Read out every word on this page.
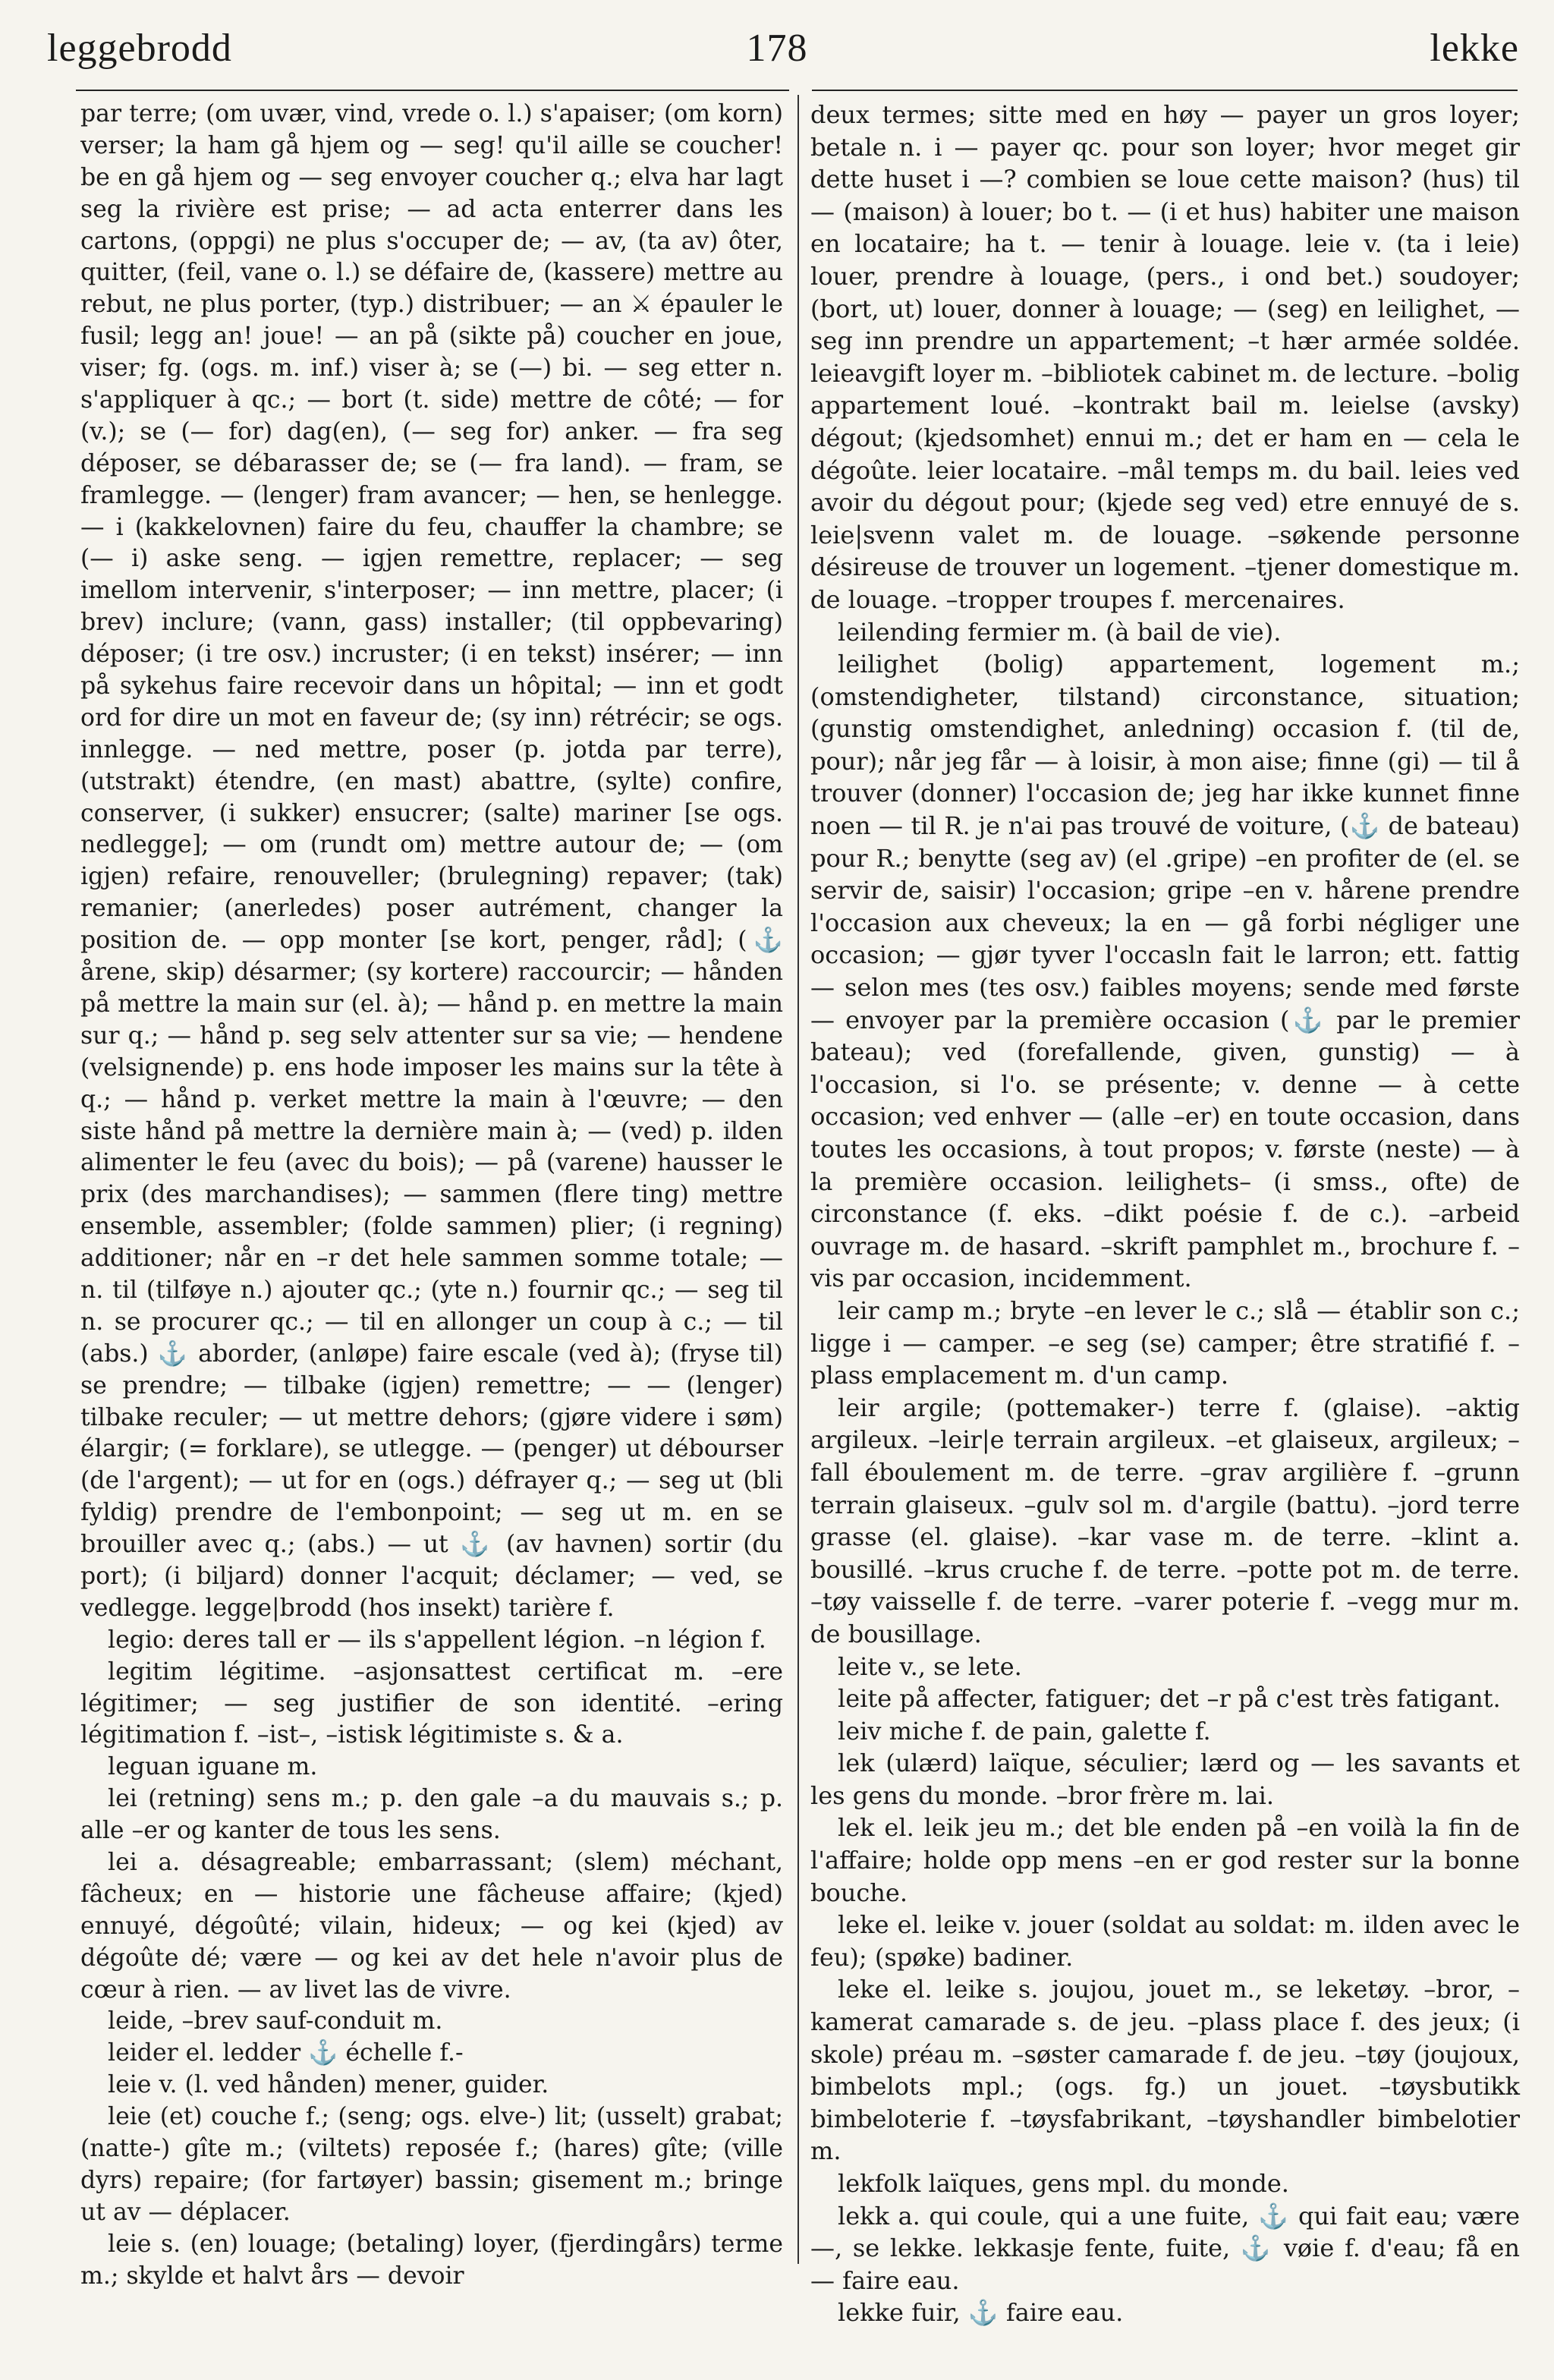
leggebrodd	178	lekke

par terre; (om uvær, vind, vrede o. l.) s'apaiser; (om korn) verser; la ham gå hjem og — seg! qu'il aille se coucher! be en gå hjem og — seg envoyer coucher q.; elva har lagt seg la rivière est prise; — ad acta enterrer dans les cartons, (oppgi) ne plus s'occuper de; — av, (ta av) ôter, quitter, (feil, vane o. l.) se défaire de, (kassere) mettre au rebut, ne plus porter, (typ.) distribuer; — an ⚔ épauler le fusil; legg an! joue! — an på (sikte på) coucher en joue, viser; fg. (ogs. m. inf.) viser à; se (—) bi. — seg etter n. s'appliquer à qc.; — bort (t. side) mettre de côté; — for (v.); se (— for) dag(en), (— seg for) anker. — fra seg déposer, se débarasser de; se (— fra land). — fram, se framlegge. — (lenger) fram avancer; — hen, se henlegge. — i (kakkelovnen) faire du feu, chauffer la chambre; se (— i) aske seng. — igjen remettre, replacer; — seg imellom intervenir, s'interposer; — inn mettre, placer; (i brev) inclure; (vann, gass) installer; (til oppbevaring) déposer; (i tre osv.) incruster; (i en tekst) insérer; — inn på sykehus faire recevoir dans un hôpital; — inn et godt ord for dire un mot en faveur de; (sy inn) rétrécir; se ogs. innlegge. — ned mettre, poser (p. jotda par terre), (utstrakt) étendre, (en mast) abattre, (sylte) confire, conserver, (i sukker) ensucrer; (salte) mariner [se ogs. nedlegge]; — om (rundt om) mettre autour de; — (om igjen) refaire, renouveller; (brulegning) repaver; (tak) remanier; (anerledes) poser autrément, changer la position de. — opp monter [se kort, penger, råd]; (⚓ årene, skip) désarmer; (sy kortere) raccourcir; — hånden på mettre la main sur (el. à); — hånd p. en mettre la main sur q.; — hånd p. seg selv attenter sur sa vie; — hendene (velsignende) p. ens hode imposer les mains sur la tête à q.; — hånd p. verket mettre la main à l'œuvre; — den siste hånd på mettre la dernière main à; — (ved) p. ilden alimenter le feu (avec du bois); — på (varene) hausser le prix (des marchandises); — sammen (flere ting) mettre ensemble, assembler; (folde sammen) plier; (i regning) additioner; når en –r det hele sammen somme totale; — n. til (tilføye n.) ajouter qc.; (yte n.) fournir qc.; — seg til n. se procurer qc.; — til en allonger un coup à c.; — til (abs.) ⚓ aborder, (anløpe) faire escale (ved à); (fryse til) se prendre; — tilbake (igjen) remettre; — — (lenger) tilbake reculer; — ut mettre dehors; (gjøre videre i søm) élargir; (= forklare), se utlegge. — (penger) ut débourser (de l'argent); — ut for en (ogs.) défrayer q.; — seg ut (bli fyldig) prendre de l'embonpoint; — seg ut m. en se brouiller avec q.; (abs.) — ut ⚓ (av havnen) sortir (du port); (i biljard) donner l'acquit; déclamer; — ved, se vedlegge. legge|brodd (hos insekt) tarière f.

legio: deres tall er — ils s'appellent légion. –n légion f.

legitim légitime. –asjonsattest certificat m. –ere légitimer; — seg justifier de son identité. –ering légitimation f. –ist–, –istisk légitimiste s. & a.

leguan iguane m.

lei (retning) sens m.; p. den gale –a du mauvais s.; p. alle –er og kanter de tous les sens.

lei a. désagreable; embarrassant; (slem) méchant, fâcheux; en — historie une fâcheuse affaire; (kjed) ennuyé, dégoûté; vilain, hideux; — og kei (kjed) av dégoûte dé; være — og kei av det hele n'avoir plus de cœur à rien. — av livet las de vivre.

leide, –brev sauf-conduit m.

leider el. ledder ⚓ échelle f.-

leie v. (l. ved hånden) mener, guider.

leie (et) couche f.; (seng; ogs. elve-) lit; (usselt) grabat; (natte-) gîte m.; (viltets) reposée f.; (hares) gîte; (ville dyrs) repaire; (for fartøyer) bassin; gisement m.; bringe ut av — déplacer.

leie s. (en) louage; (betaling) loyer, (fjerdingårs) terme m.; skylde et halvt års — devoir

deux termes; sitte med en høy — payer un gros loyer; betale n. i — payer qc. pour son loyer; hvor meget gir dette huset i —? combien se loue cette maison? (hus) til — (maison) à louer; bo t. — (i et hus) habiter une maison en locataire; ha t. — tenir à louage. leie v. (ta i leie) louer, prendre à louage, (pers., i ond bet.) soudoyer; (bort, ut) louer, donner à louage; — (seg) en leilighet, — seg inn prendre un appartement; –t hær armée soldée. leieavgift loyer m. –bibliotek cabinet m. de lecture. –bolig appartement loué. –kontrakt bail m. leielse (avsky) dégout; (kjedsomhet) ennui m.; det er ham en — cela le dégoûte. leier locataire. –mål temps m. du bail. leies ved avoir du dégout pour; (kjede seg ved) etre ennuyé de s. leie|svenn valet m. de louage. –søkende personne désireuse de trouver un logement. –tjener domestique m. de louage. –tropper troupes f. mercenaires.

leilending fermier m. (à bail de vie).

leilighet (bolig) appartement, logement m.; (omstendigheter, tilstand) circonstance, situation; (gunstig omstendighet, anledning) occasion f. (til de, pour); når jeg får — à loisir, à mon aise; finne (gi) — til å trouver (donner) l'occasion de; jeg har ikke kunnet finne noen — til R. je n'ai pas trouvé de voiture, (⚓ de bateau) pour R.; benytte (seg av) (el .gripe) –en profiter de (el. se servir de, saisir) l'occasion; gripe –en v. hårene prendre l'occasion aux cheveux; la en — gå forbi négliger une occasion; — gjør tyver l'occasln fait le larron; ett. fattig — selon mes (tes osv.) faibles moyens; sende med første — envoyer par la première occasion (⚓ par le premier bateau); ved (forefallende, given, gunstig) — à l'occasion, si l'o. se présente; v. denne — à cette occasion; ved enhver — (alle –er) en toute occasion, dans toutes les occasions, à tout propos; v. første (neste) — à la première occasion. leilighets– (i smss., ofte) de circonstance (f. eks. –dikt poésie f. de c.). –arbeid ouvrage m. de hasard. –skrift pamphlet m., brochure f. –vis par occasion, incidemment.

leir camp m.; bryte –en lever le c.; slå — établir son c.; ligge i — camper. –e seg (se) camper; être stratifié f. –plass emplacement m. d'un camp.

leir argile; (pottemaker-) terre f. (glaise). –aktig argileux. –leir|e terrain argileux. –et glaiseux, argileux; –fall éboulement m. de terre. –grav argilière f. –grunn terrain glaiseux. –gulv sol m. d'argile (battu). –jord terre grasse (el. glaise). –kar vase m. de terre. –klint a. bousillé. –krus cruche f. de terre. –potte pot m. de terre. –tøy vaisselle f. de terre. –varer poterie f. –vegg mur m. de bousillage.

leite v., se lete.

leite på affecter, fatiguer; det –r på c'est très fatigant.

leiv miche f. de pain, galette f.

lek (ulærd) laïque, séculier; lærd og — les savants et les gens du monde. –bror frère m. lai.

lek el. leik jeu m.; det ble enden på –en voilà la fin de l'affaire; holde opp mens –en er god rester sur la bonne bouche.

leke el. leike v. jouer (soldat au soldat: m. ilden avec le feu); (spøke) badiner.

leke el. leike s. joujou, jouet m., se leketøy. –bror, –kamerat camarade s. de jeu. –plass place f. des jeux; (i skole) préau m. –søster camarade f. de jeu. –tøy (joujoux, bimbelots mpl.; (ogs. fg.) un jouet. –tøysbutikk bimbeloterie f. –tøysfabrikant, –tøyshandler bimbelotier m.

lekfolk laïques, gens mpl. du monde.

lekk a. qui coule, qui a une fuite, ⚓ qui fait eau; være —, se lekke. lekkasje fente, fuite, ⚓ vøie f. d'eau; få en — faire eau.

lekke fuir, ⚓ faire eau.
